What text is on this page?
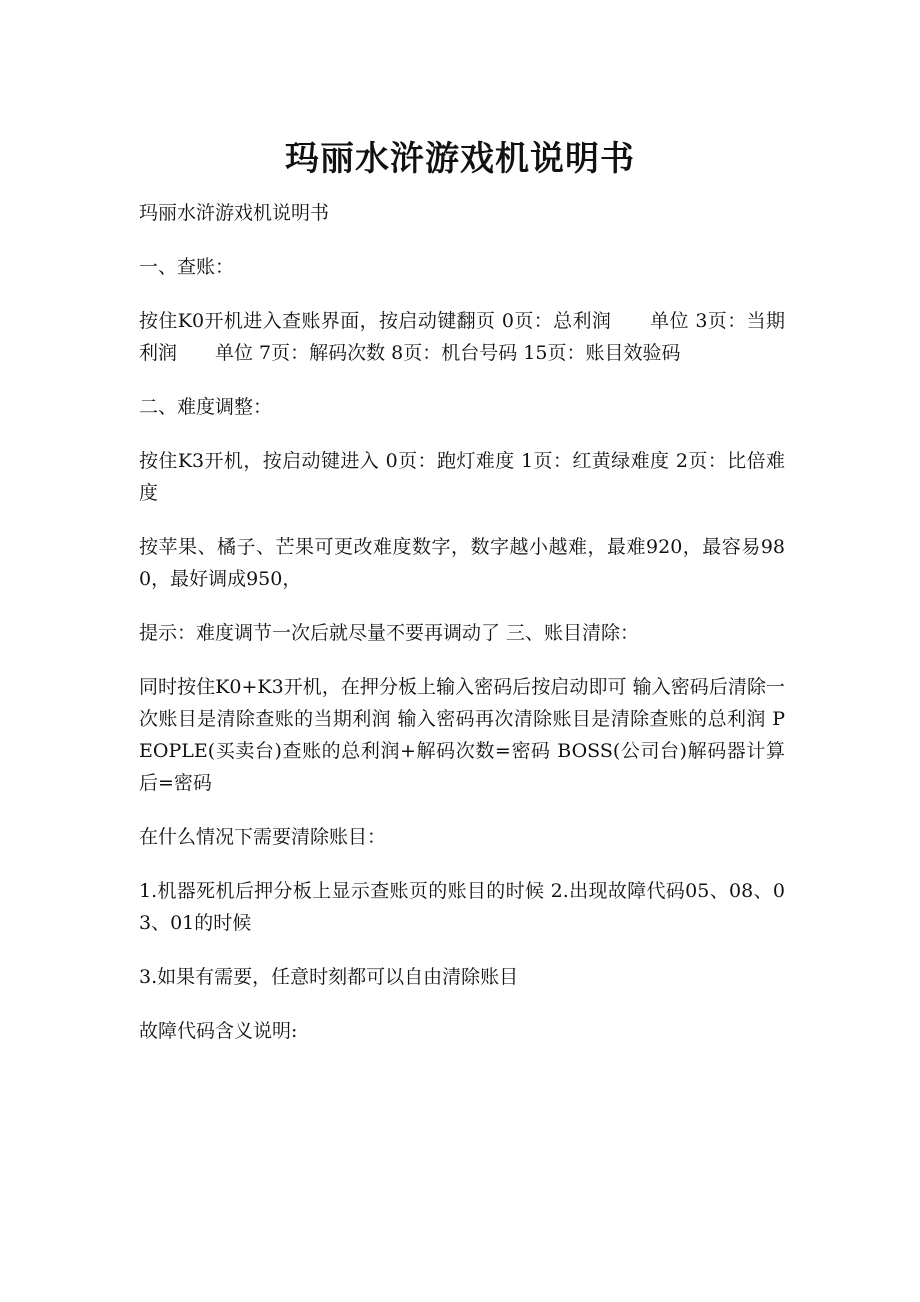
玛丽水浒游戏机说明书

玛丽水浒游戏机说明书

一、查账：

按住K0开机进入查账界面，按启动键翻页 0页：总利润　　单位 3页：当期利润　　单位 7页：解码次数 8页：机台号码 15页：账目效验码

二、难度调整：

按住K3开机，按启动键进入 0页：跑灯难度 1页：红黄绿难度 2页：比倍难度

按苹果、橘子、芒果可更改难度数字，数字越小越难，最难920，最容易980，最好调成950，

提示：难度调节一次后就尽量不要再调动了 三、账目清除：

同时按住K0+K3开机，在押分板上输入密码后按启动即可 输入密码后清除一次账目是清除查账的当期利润 输入密码再次清除账目是清除查账的总利润 PEOPLE(买卖台)查账的总利润+解码次数=密码 BOSS(公司台)解码器计算后=密码

在什么情况下需要清除账目：

1.机器死机后押分板上显示查账页的账目的时候 2.出现故障代码05、08、03、01的时候

3.如果有需要，任意时刻都可以自由清除账目

故障代码含义说明:
